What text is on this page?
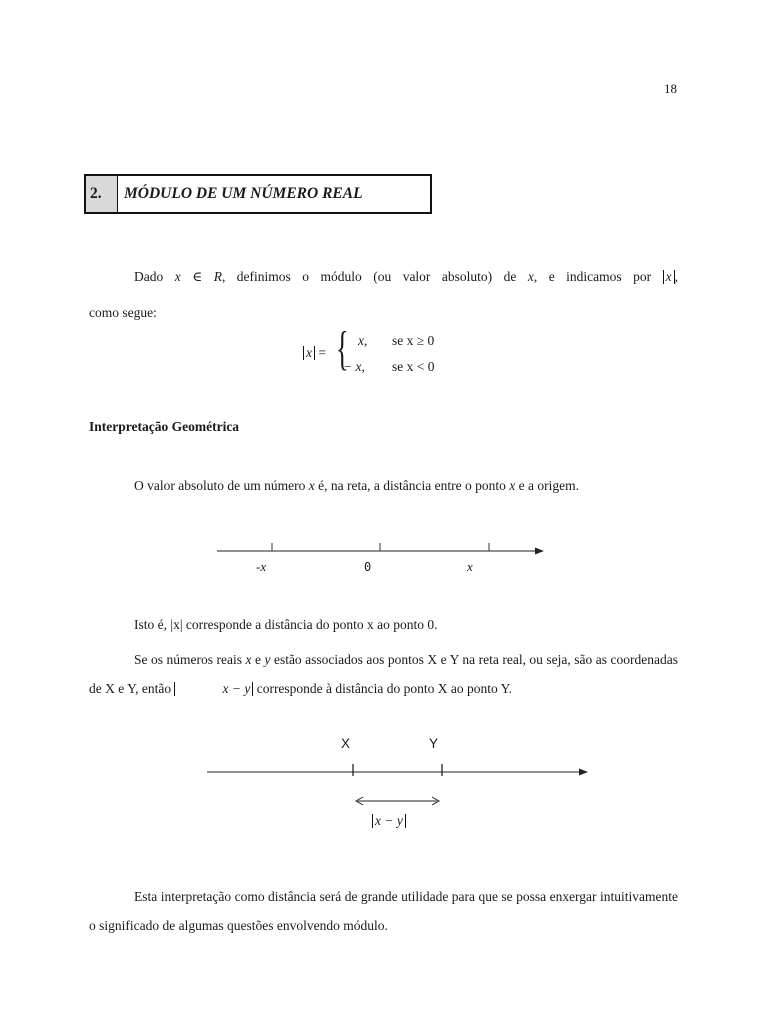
18
2.	MÓDULO DE UM NÚMERO REAL
Dado x ∈ R, definimos o módulo (ou valor absoluto) de x, e indicamos por x ,
como segue:
x = { x,
− x,
se x ≥ 0
se x < 0
Interpretação Geométrica
O valor absoluto de um número x é, na reta, a distância entre o ponto x e a origem.
-x	0	x
Isto é, |x| corresponde a distância do ponto x ao ponto 0.
Se os números reais x e y estão associados aos pontos X e Y na reta real, ou seja, são as coordenadas de X e Y, então	x − y corresponde à distância do ponto X ao ponto Y.
X	Y
x − y
Esta interpretação como distância será de grande utilidade para que se possa enxergar intuitivamente o significado de algumas questões envolvendo módulo.
